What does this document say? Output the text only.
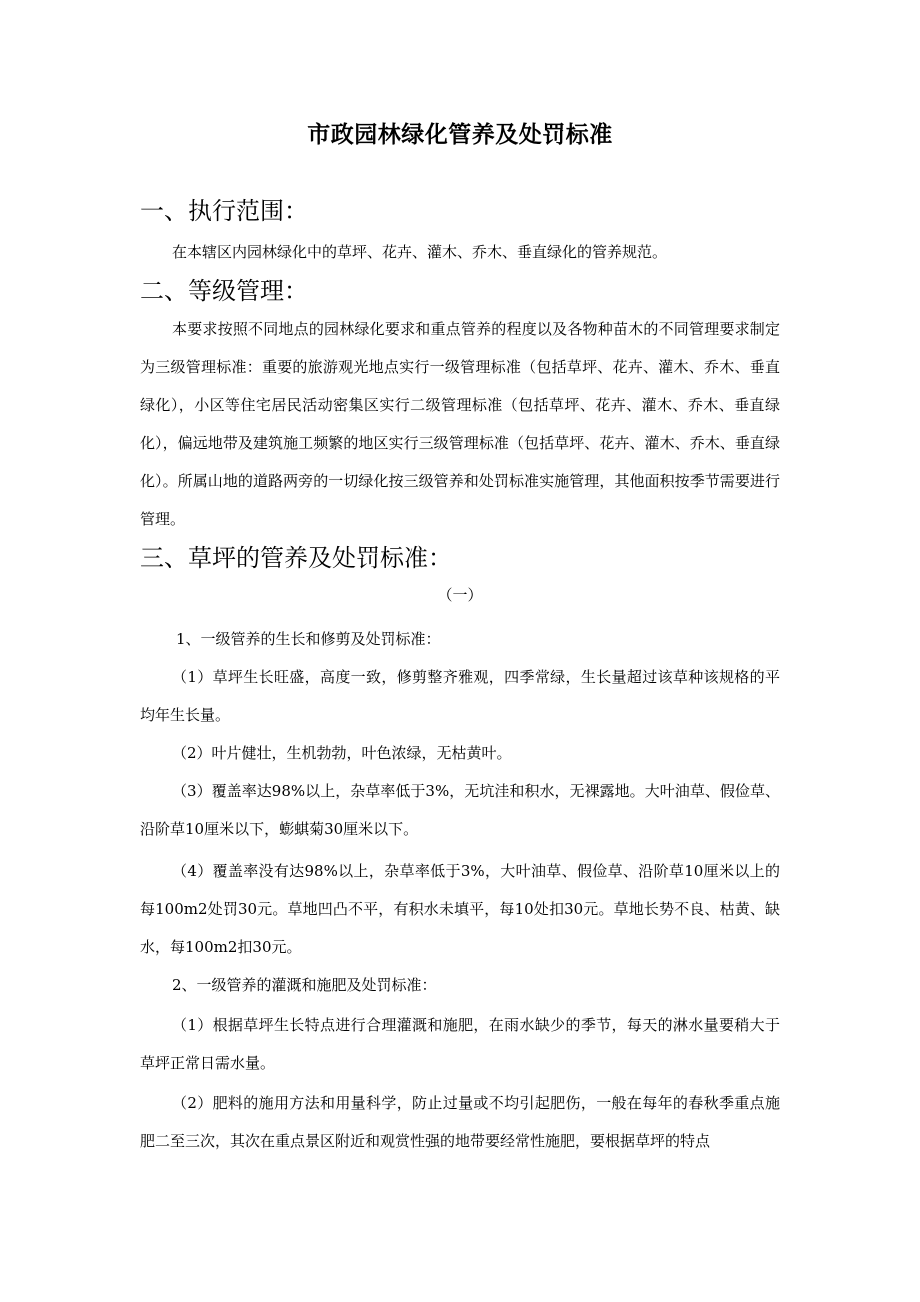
市政园林绿化管养及处罚标准
一、执行范围：
在本辖区内园林绿化中的草坪、花卉、灌木、乔木、垂直绿化的管养规范。
二、等级管理：
本要求按照不同地点的园林绿化要求和重点管养的程度以及各物种苗木的不同管理要求制定为三级管理标准：重要的旅游观光地点实行一级管理标准（包括草坪、花卉、灌木、乔木、垂直绿化），小区等住宅居民活动密集区实行二级管理标准（包括草坪、花卉、灌木、乔木、垂直绿化），偏远地带及建筑施工频繁的地区实行三级管理标准（包括草坪、花卉、灌木、乔木、垂直绿化）。所属山地的道路两旁的一切绿化按三级管养和处罚标准实施管理，其他面积按季节需要进行管理。
三、草坪的管养及处罚标准：
（一）
1、一级管养的生长和修剪及处罚标准：
（1）草坪生长旺盛，高度一致，修剪整齐雅观，四季常绿，生长量超过该草种该规格的平均年生长量。
（2）叶片健壮，生机勃勃，叶色浓绿，无枯黄叶。
（3）覆盖率达98%以上，杂草率低于3%，无坑洼和积水，无裸露地。大叶油草、假俭草、沿阶草10厘米以下，蟛蜞菊30厘米以下。
（4）覆盖率没有达98%以上，杂草率低于3%，大叶油草、假俭草、沿阶草10厘米以上的每100m2处罚30元。草地凹凸不平，有积水未填平，每10处扣30元。草地长势不良、枯黄、缺水，每100m2扣30元。
2、一级管养的灌溉和施肥及处罚标准：
（1）根据草坪生长特点进行合理灌溉和施肥，在雨水缺少的季节，每天的淋水量要稍大于草坪正常日需水量。
（2）肥料的施用方法和用量科学，防止过量或不均引起肥伤，一般在每年的春秋季重点施肥二至三次，其次在重点景区附近和观赏性强的地带要经常性施肥，要根据草坪的特点
